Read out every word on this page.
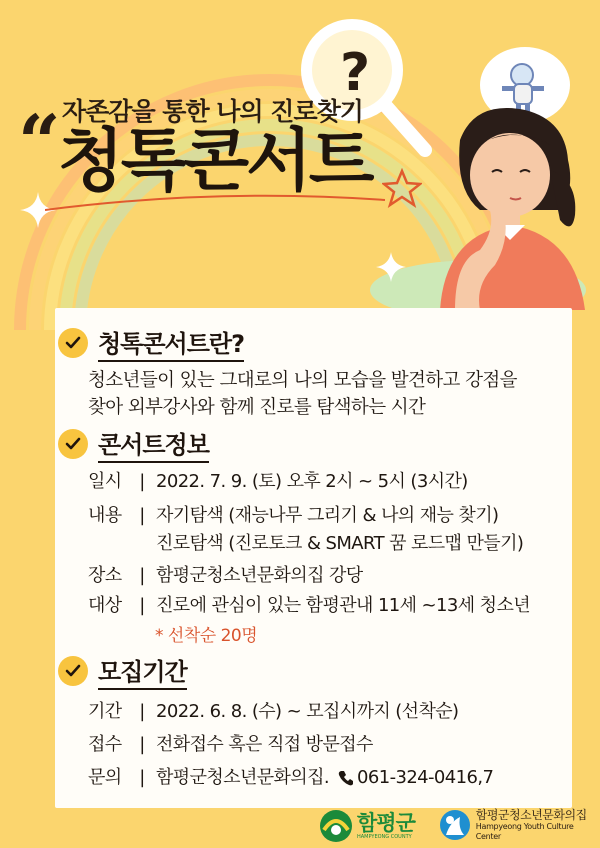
?
자존감을 통한 나의 진로찾기
“
청톡콘서트
청톡콘서트란?
청소년들이 있는 그대로의 나의 모습을 발견하고 강점을
찾아 외부강사와 함께 진로를 탐색하는 시간
콘서트정보
일시 | 2022. 7. 9. (토) 오후 2시 ~ 5시 (3시간)
내용 | 자기탐색 (재능나무 그리기 & 나의 재능 찾기)
진로탐색 (진로토크 & SMART 꿈 로드맵 만들기)
장소 | 함평군청소년문화의집 강당
대상 | 진로에 관심이 있는 함평관내 11세 ~13세 청소년
* 선착순 20명
모집기간
기간 | 2022. 6. 8. (수) ~ 모집시까지 (선착순)
접수 | 전화접수 혹은 직접 방문접수
문의 | 함평군청소년문화의집. 061-324-0416,7
함평군
HAMPYEONG COUNTY
함평군청소년문화의집
Hampyeong Youth Culture Center
